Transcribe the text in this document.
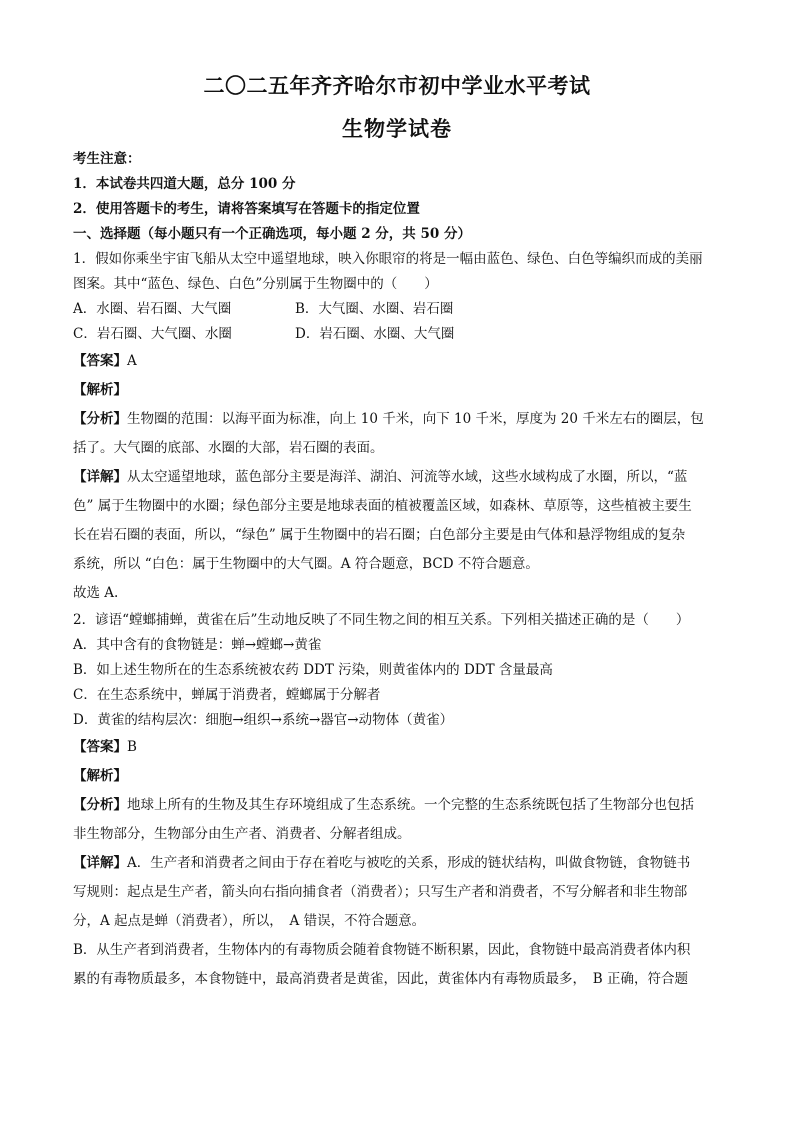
二〇二五年齐齐哈尔市初中学业水平考试
生物学试卷
考生注意：
1．本试卷共四道大题，总分 100 分
2．使用答题卡的考生，请将答案填写在答题卡的指定位置
一、选择题（每小题只有一个正确选项，每小题 2 分，共 50 分）
1．假如你乘坐宇宙飞船从太空中遥望地球，映入你眼帘的将是一幅由蓝色、绿色、白色等编织而成的美丽
图案。其中“蓝色、绿色、白色”分别属于生物圈中的（　　）
A．水圈、岩石圈、大气圈	B．大气圈、水圈、岩石圈
C．岩石圈、大气圈、水圈	D．岩石圈、水圈、大气圈
【答案】A
【解析】
【分析】生物圈的范围：以海平面为标准，向上 10 千米，向下 10 千米，厚度为 20 千米左右的圈层，包
括了。大气圈的底部、水圈的大部，岩石圈的表面。
【详解】从太空遥望地球，蓝色部分主要是海洋、湖泊、河流等水域，这些水域构成了水圈，所以，“蓝
色” 属于生物圈中的水圈；绿色部分主要是地球表面的植被覆盖区域，如森林、草原等，这些植被主要生
长在岩石圈的表面，所以，“绿色” 属于生物圈中的岩石圈；白色部分主要是由气体和悬浮物组成的复杂
系统，所以 “白色：属于生物圈中的大气圈。A 符合题意，BCD 不符合题意。
故选 A.
2．谚语“螳螂捕蝉，黄雀在后”生动地反映了不同生物之间的相互关系。下列相关描述正确的是（　　）
A．其中含有的食物链是：蝉→螳螂→黄雀
B．如上述生物所在的生态系统被农药 DDT 污染，则黄雀体内的 DDT 含量最高
C．在生态系统中，蝉属于消费者，螳螂属于分解者
D．黄雀的结构层次：细胞→组织→系统→器官→动物体（黄雀）
【答案】B
【解析】
【分析】地球上所有的生物及其生存环境组成了生态系统。一个完整的生态系统既包括了生物部分也包括
非生物部分，生物部分由生产者、消费者、分解者组成。
【详解】A．生产者和消费者之间由于存在着吃与被吃的关系，形成的链状结构，叫做食物链，食物链书
写规则：起点是生产者，箭头向右指向捕食者（消费者）；只写生产者和消费者，不写分解者和非生物部
分，A 起点是蝉（消费者），所以，　A 错误，不符合题意。
B．从生产者到消费者，生物体内的有毒物质会随着食物链不断积累，因此，食物链中最高消费者体内积
累的有毒物质最多，本食物链中，最高消费者是黄雀，因此，黄雀体内有毒物质最多，　B 正确，符合题
